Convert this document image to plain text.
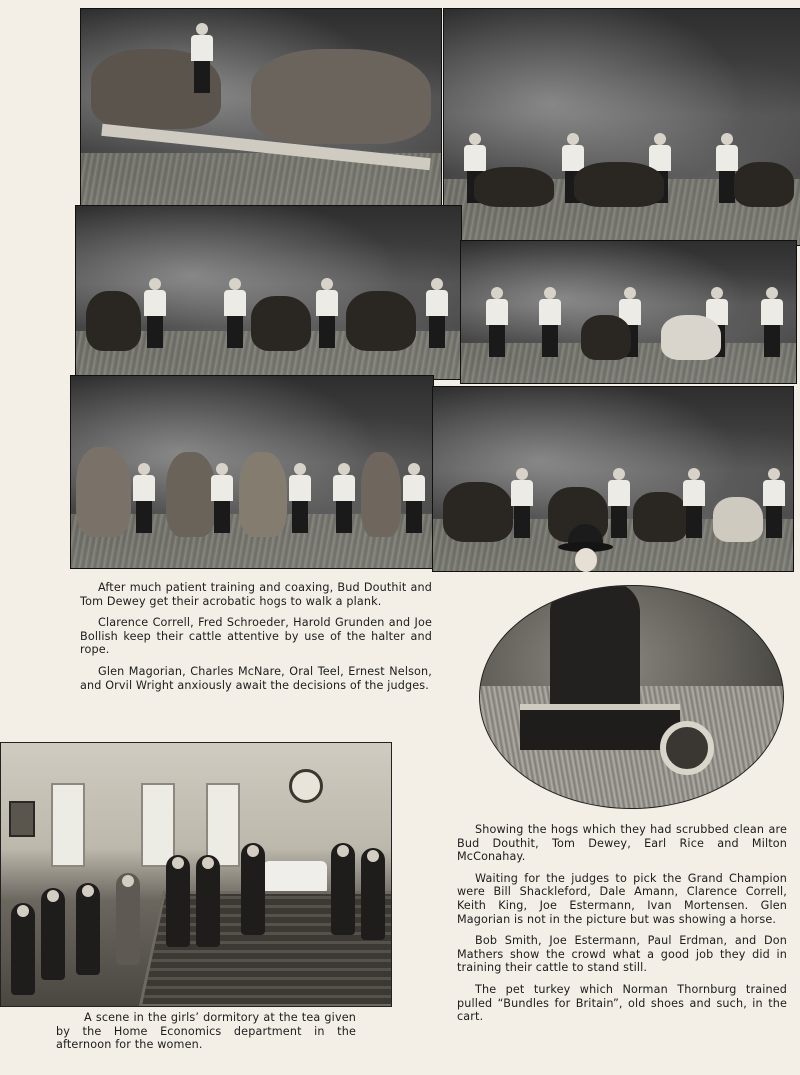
After much patient training and coaxing, Bud Douthit and Tom Dewey get their acrobatic hogs to walk a plank.

Clarence Correll, Fred Schroeder, Harold Grunden and Joe Bollish keep their cattle attentive by use of the halter and rope.

Glen Magorian, Charles McNare, Oral Teel, Ernest Nelson, and Orvil Wright anxiously await the decisions of the judges.

A scene in the girls’ dormitory at the tea given by the Home Economics department in the afternoon for the women.

Showing the hogs which they had scrubbed clean are Bud Douthit, Tom Dewey, Earl Rice and Milton McConahay.

Waiting for the judges to pick the Grand Champion were Bill Shackleford, Dale Amann, Clarence Correll, Keith King, Joe Estermann, Ivan Mortensen. Glen Magorian is not in the picture but was showing a horse.

Bob Smith, Joe Estermann, Paul Erdman, and Don Mathers show the crowd what a good job they did in training their cattle to stand still.

The pet turkey which Norman Thornburg trained pulled “Bundles for Britain”, old shoes and such, in the cart.
